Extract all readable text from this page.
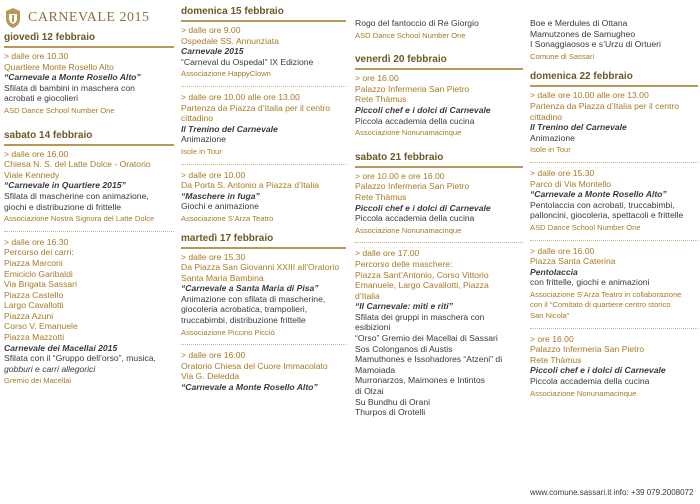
CARNEVALE 2015
giovedì 12 febbraio
> dalle ore 10.30
Quartiere Monte Rosello Alto
“Carnevale a Monte Rosello Alto”
Sfilata di bambini in maschera con
acrobati e giocolieri
ASD Dance School Number One
sabato 14 febbraio
> dalle ore 16.00
Chiesa N. S. del Latte Dolce - Oratorio
Viale Kennedy
“Carnevale in Quartiere 2015”
Sfilata di mascherine con animazione,
giochi e distribuzione di frittelle
Associazione Nostra Signora del Latte Dolce
> dalle ore 16.30
Percorso dei carri:
Piazza Marconi
Emiciclo Garibaldi
Via Brigata Sassari
Piazza Castello
Largo Cavallotti
Piazza Azuni
Corso V. Emanuele
Piazza Mazzotti
Carnevale dei Macellai 2015
Sfilata con il “Gruppo dell’orso”, musica,
gobburi e carri allegorici
Gremio dei Macellai
domenica 15 febbraio
> dalle ore 9.00
Ospedale SS. Annunziata
Carnevale 2015
“Carneval du Ospedal” IX Edizione
Associazione HappyClown
> dalle ore 10.00 alle ore 13.00
Partenza da Piazza d’Italia per il centro
cittadino
Il Trenino del Carnevale
Animazione
Isole in Tour
> dalle ore 10.00
Da Porta S. Antonio a Piazza d’Italia
“Maschere in fuga”
Giochi e animazione
Associazione S’Arza Teatro
martedì 17 febbraio
> dalle ore 15.30
Da Piazza San Giovanni XXIII all’Oratorio
Santa Maria Bambina
“Carnevale a Santa Maria di Pisa”
Animazione con sfilata di mascherine,
giocoleria acrobatica, trampolieri,
truccabimbi, distribuzione frittelle
Associazione Piccino Picciò
> dalle ore 16.00
Oratorio Chiesa del Cuore Immacolato
Via G. Deledda
“Carnevale a Monte Rosello Alto”
Rogo del fantoccio di Re Giorgio
ASD Dance School Number One
venerdì 20 febbraio
> ore 16.00
Palazzo Infermeria San Pietro
Rete Thàmus
Piccoli chef e i dolci di Carnevale
Piccola accademia della cucina
Associazione Nonunamacinque
sabato 21 febbraio
> ore 10.00 e ore 16.00
Palazzo Infermeria San Pietro
Rete Thàmus
Piccoli chef e i dolci di Carnevale
Piccola accademia della cucina
Associazione Nonunamacinque
> dalle ore 17.00
Percorso delle maschere:
Piazza Sant’Antonio, Corso Vittorio
Emanuele, Largo Cavallotti, Piazza
d’Italia
“Il Carnevale: miti e riti”
Sfilata dei gruppi in maschera con
esibizioni
“Orso” Gremio dei Macellai di Sassari
Sos Colonganos di Austis
Mamuthones e Issohadores “Atzeni” di
Mamoiada
Murronarzos, Maimones e Intintos
di Olzai
Su Bundhu di Orani
Thurpos di Orotelli
Boe e Merdules di Ottana
Mamutzones de Samugheo
I Sonaggiaosos e s’Urzu di Ortueri
Comune di Sassari
domenica 22 febbraio
> dalle ore 10.00 alle ore 13.00
Partenza da Piazza d’Italia per il centro
cittadino
Il Trenino del Carnevale
Animazione
Isole in Tour
> dalle ore 15.30
Parco di Via Montello
“Carnevale a Monte Rosello Alto”
Pentolaccia con acrobati, truccabimbi,
palloncini, giocoleria, spettacoli e frittelle
ASD Dance School Number One
> dalle ore 16.00
Piazza Santa Caterina
Pentolaccia
con frittelle, giochi e animazioni
Associazione S’Arza Teatro in collaborazione
con il “Comitato di quartiere centro storico
San Nicola”
> ore 16.00
Palazzo Infermeria San Pietro
Rete Thàmus
Piccoli chef e i dolci di Carnevale
Piccola accademia della cucina
Associazione Nonunamacinque
www.comune.sassari.it info: +39 079.2008072
